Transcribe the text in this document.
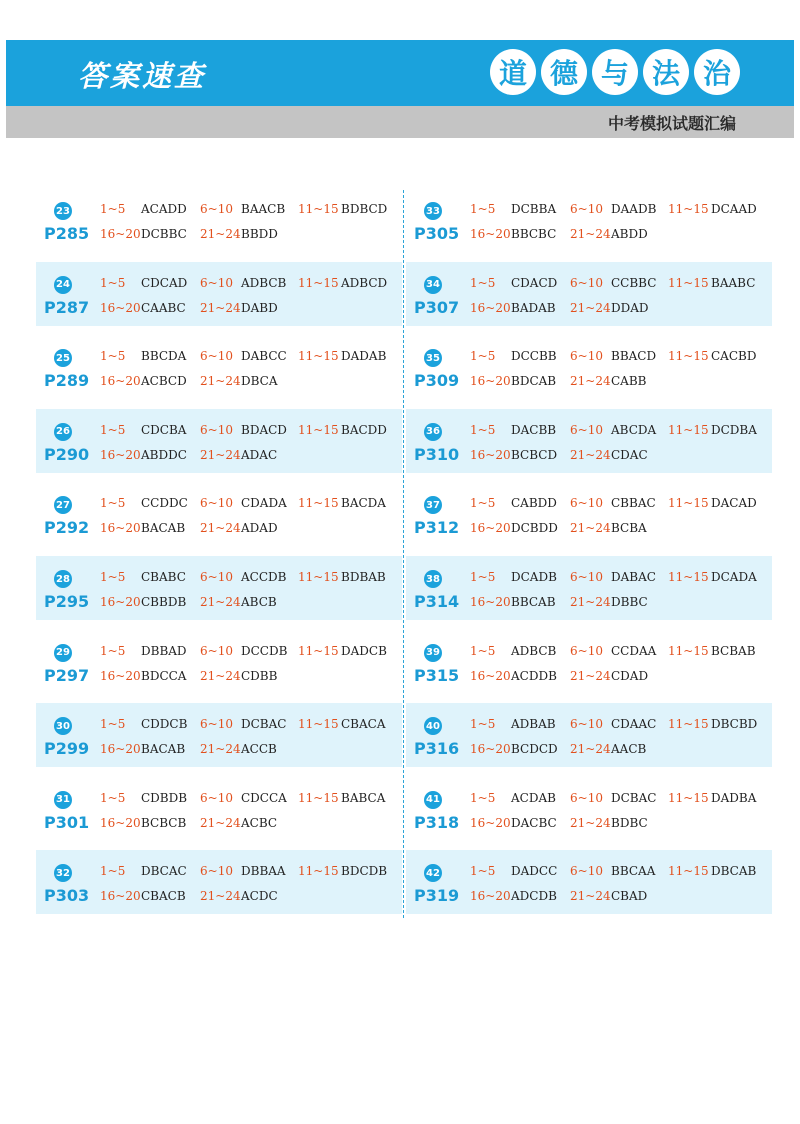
答案速查	道 德 与 法 治
中考模拟试题汇编
23
P285
1~5 ACADD 6~10 BAACB 11~15 BDBCD
16~20 DCBBC 21~24 BBDD
24
P287
1~5 CDCAD 6~10 ADBCB 11~15 ADBCD
16~20 CAABC 21~24 DABD
25
P289
1~5 BBCDA 6~10 DABCC 11~15 DADAB
16~20 ACBCD 21~24 DBCA
26
P290
1~5 CDCBA 6~10 BDACD 11~15 BACDD
16~20 ABDDC 21~24 ADAC
27
P292
1~5 CCDDC 6~10 CDADA 11~15 BACDA
16~20 BACAB 21~24 ADAD
28
P295
1~5 CBABC 6~10 ACCDB 11~15 BDBAB
16~20 CBBDB 21~24 ABCB
29
P297
1~5 DBBAD 6~10 DCCDB 11~15 DADCB
16~20 BDCCA 21~24 CDBB
30
P299
1~5 CDDCB 6~10 DCBAC 11~15 CBACA
16~20 BACAB 21~24 ACCB
31
P301
1~5 CDBDB 6~10 CDCCA 11~15 BABCA
16~20 BCBCB 21~24 ACBC
32
P303
1~5 DBCAC 6~10 DBBAA 11~15 BDCDB
16~20 CBACB 21~24 ACDC
33
P305
1~5 DCBBA 6~10 DAADB 11~15 DCAAD
16~20 BBCBC 21~24 ABDD
34
P307
1~5 CDACD 6~10 CCBBC 11~15 BAABC
16~20 BADAB 21~24 DDAD
35
P309
1~5 DCCBB 6~10 BBACD 11~15 CACBD
16~20 BDCAB 21~24 CABB
36
P310
1~5 DACBB 6~10 ABCDA 11~15 DCDBA
16~20 BCBCD 21~24 CDAC
37
P312
1~5 CABDD 6~10 CBBAC 11~15 DACAD
16~20 DCBDD 21~24 BCBA
38
P314
1~5 DCADB 6~10 DABAC 11~15 DCADA
16~20 BBCAB 21~24 DBBC
39
P315
1~5 ADBCB 6~10 CCDAA 11~15 BCBAB
16~20 ACDDB 21~24 CDAD
40
P316
1~5 ADBAB 6~10 CDAAC 11~15 DBCBD
16~20 BCDCD 21~24 AACB
41
P318
1~5 ACDAB 6~10 DCBAC 11~15 DADBA
16~20 DACBC 21~24 BDBC
42
P319
1~5 DADCC 6~10 BBCAA 11~15 DBCAB
16~20 ADCDB 21~24 CBAD
